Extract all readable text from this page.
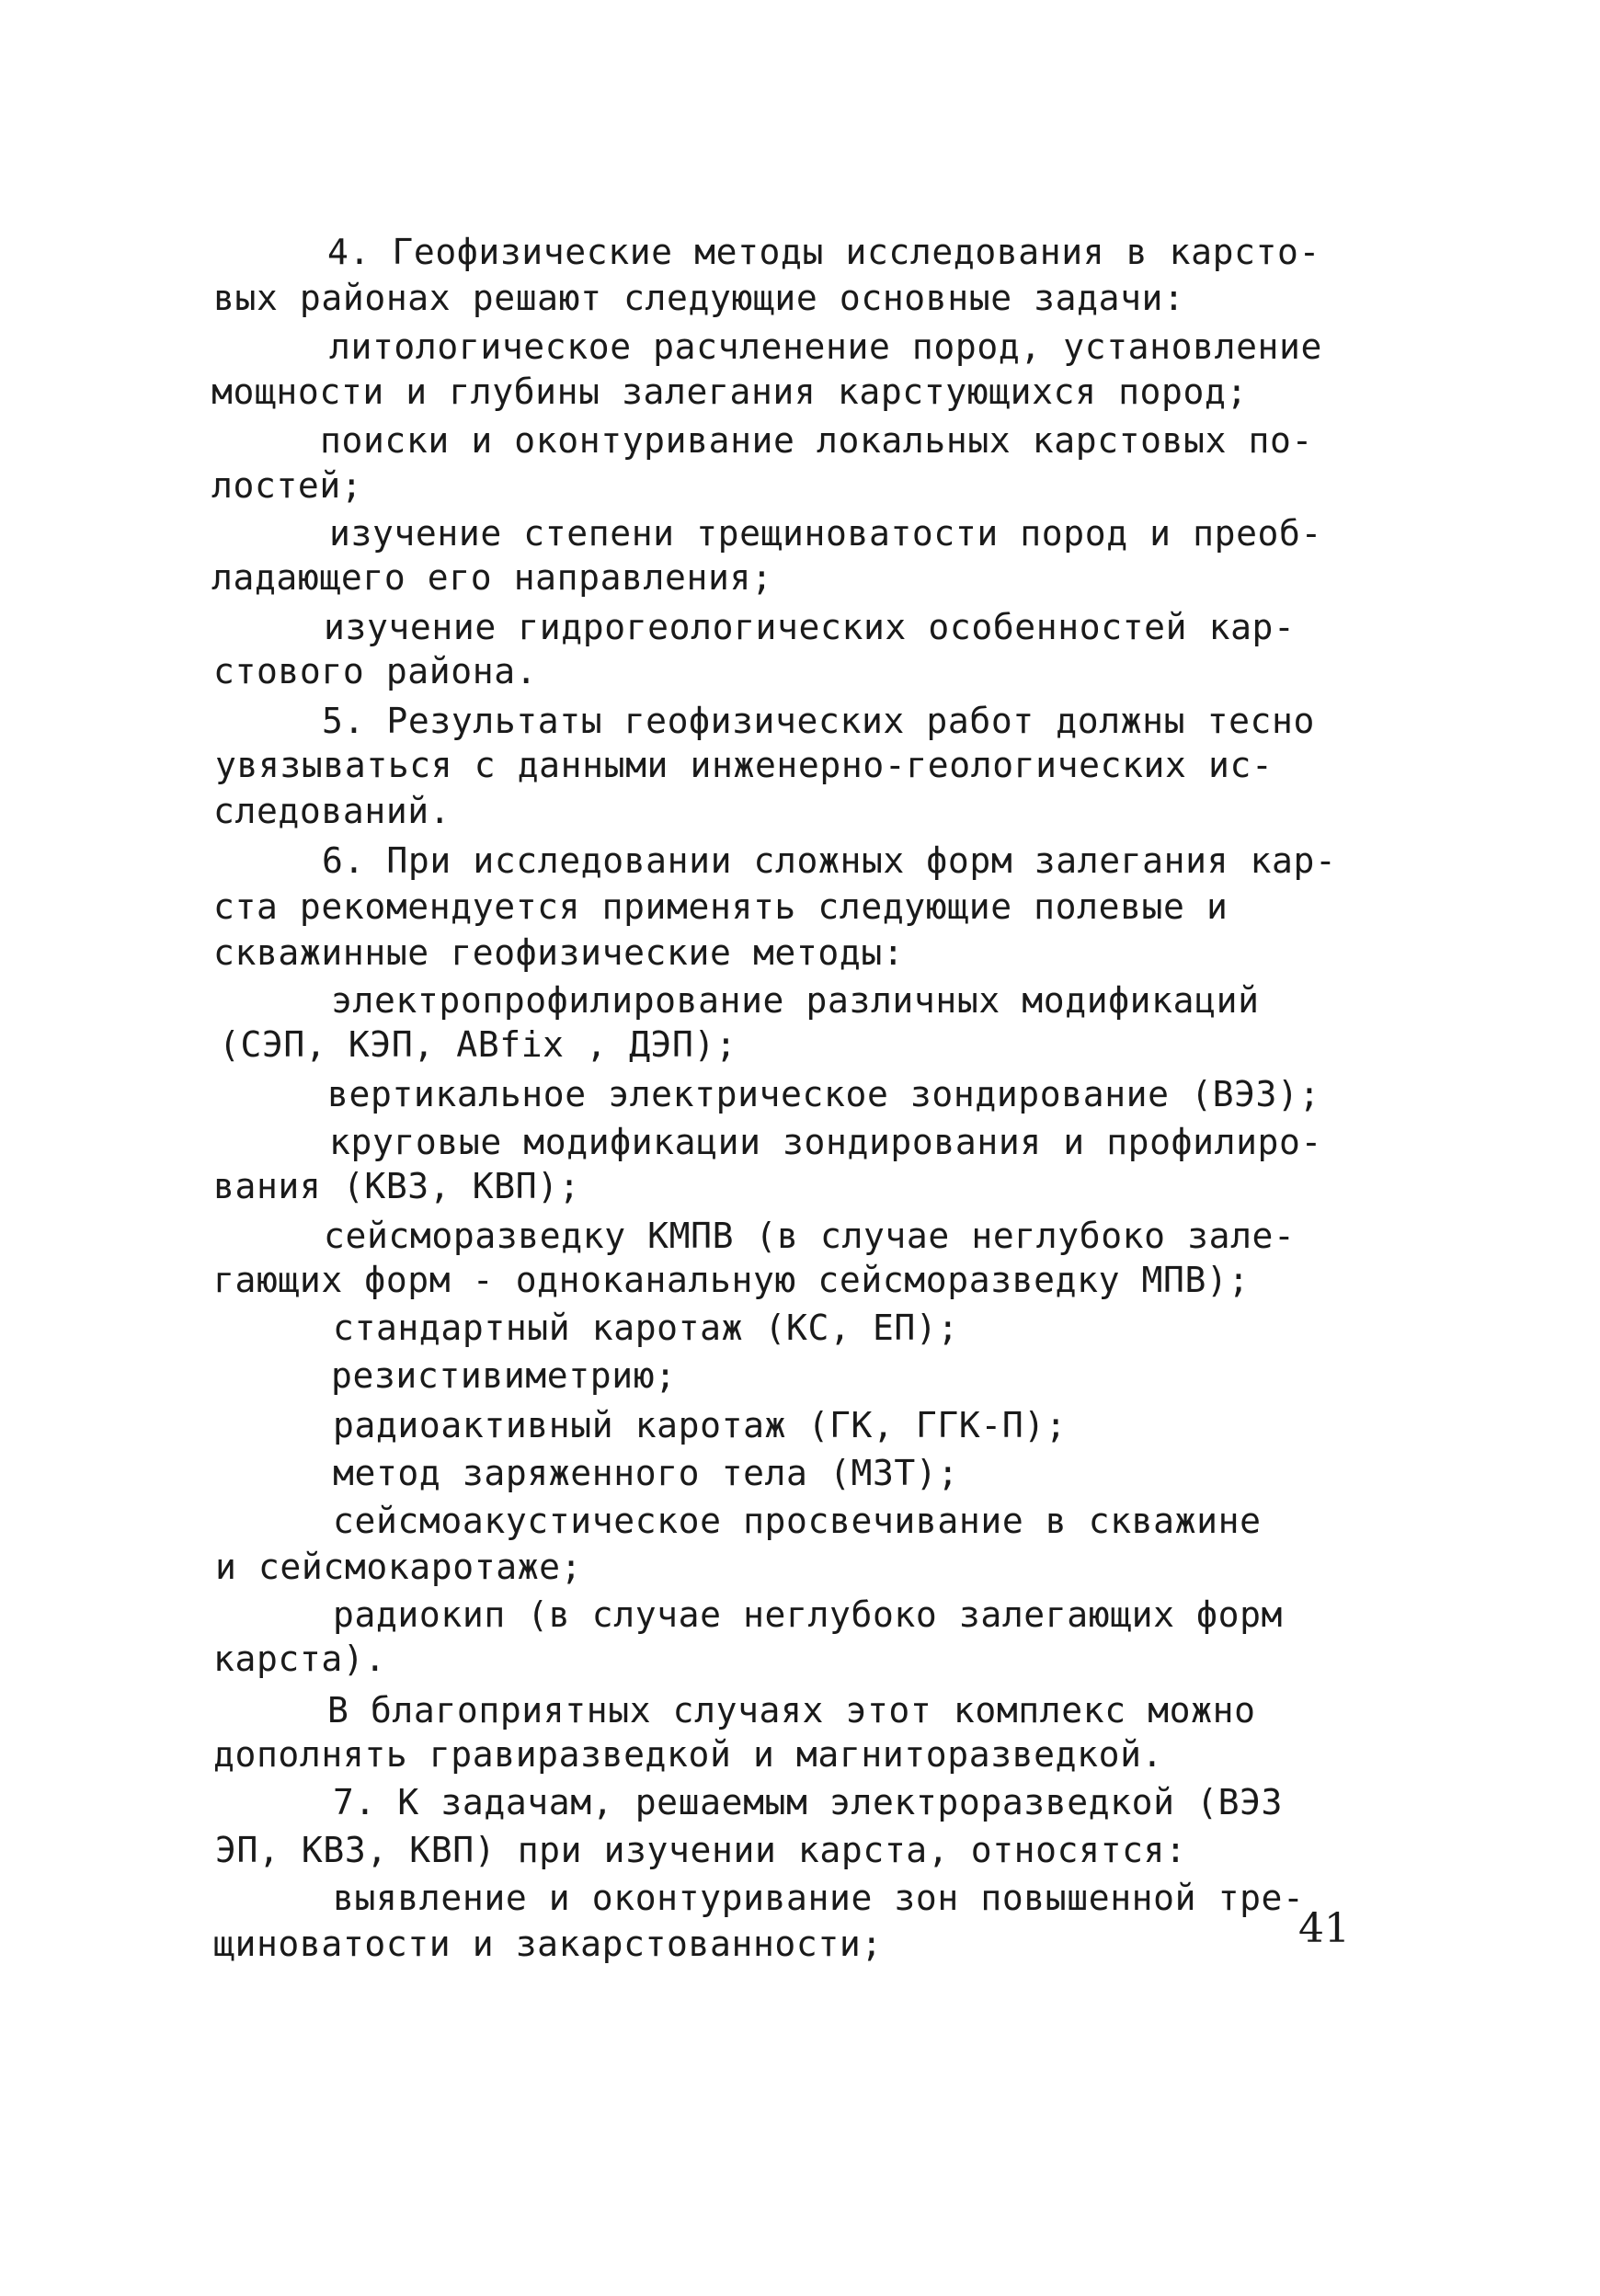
4. Геофизические методы исследования в карсто-
вых районах решают следующие основные задачи:
литологическое расчленение пород, установление
мощности и глубины залегания карстующихся пород;
поиски и оконтуривание локальных карстовых по-
лостей;
изучение степени трещиноватости пород и преоб-
ладающего его направления;
изучение гидрогеологических особенностей кар-
стового района.
5. Результаты геофизических работ должны тесно
увязываться с данными инженерно-геологических ис-
следований.
6. При исследовании сложных форм залегания кар-
ста рекомендуется применять следующие полевые и
скважинные геофизические методы:
электропрофилирование различных модификаций
(СЭП, КЭП, ABfix , ДЭП);
вертикальное электрическое зондирование (ВЭЗ);
круговые модификации зондирования и профилиро-
вания (КВЗ, КВП);
сейсморазведку КМПВ (в случае неглубоко зале-
гающих форм - одноканальную сейсморазведку МПВ);
стандартный каротаж (КС, ЕП);
резистивиметрию;
радиоактивный каротаж (ГК, ГГК-П);
метод заряженного тела (МЗТ);
сейсмоакустическое просвечивание в скважине
и сейсмокаротаже;
радиокип (в случае неглубоко залегающих форм
карста).
В благоприятных случаях этот комплекс можно
дополнять гравиразведкой и магниторазведкой.
7. К задачам, решаемым электроразведкой (ВЭЗ
ЭП, КВЗ, КВП) при изучении карста, относятся:
выявление и оконтуривание зон повышенной тре-
щиноватости и закарстованности;	41
